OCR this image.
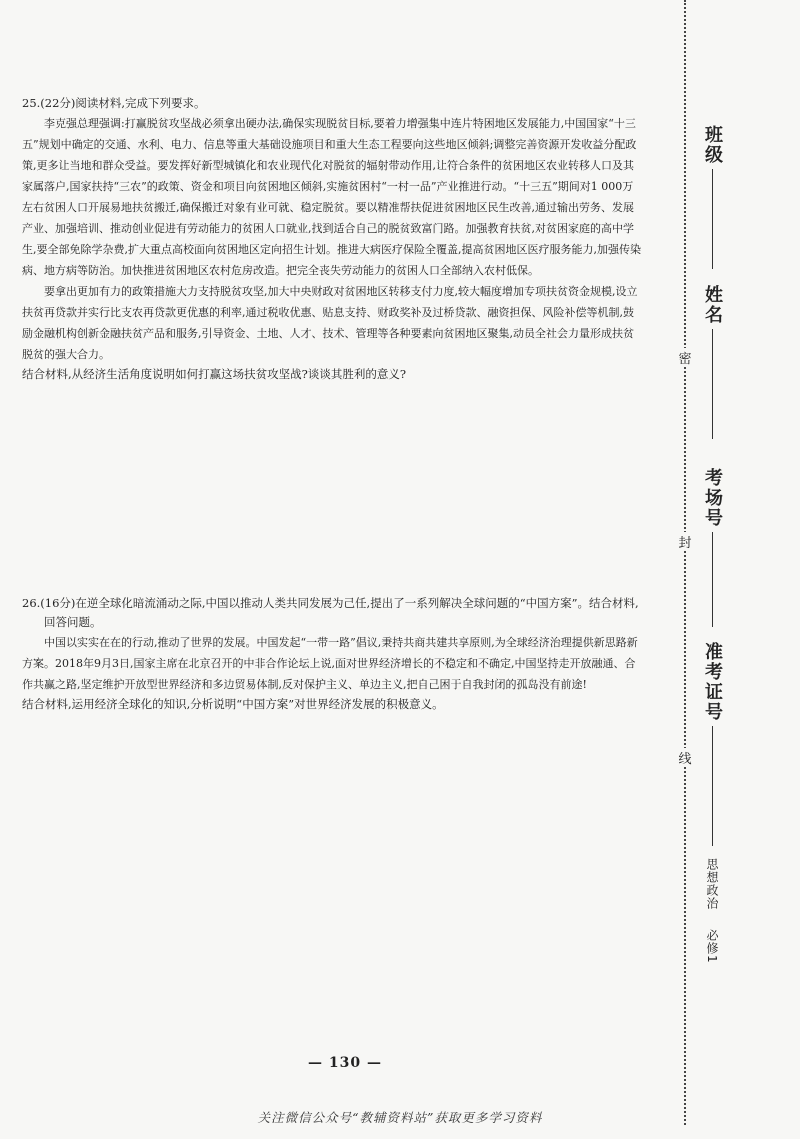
25.(22分)阅读材料,完成下列要求。

李克强总理强调:打赢脱贫攻坚战必须拿出硬办法,确保实现脱贫目标,要着力增强集中连片特困地区发展能力,中国国家“十三五”规划中确定的交通、水利、电力、信息等重大基础设施项目和重大生态工程要向这些地区倾斜;调整完善资源开发收益分配政策,更多让当地和群众受益。要发挥好新型城镇化和农业现代化对脱贫的辐射带动作用,让符合条件的贫困地区农业转移人口及其家属落户,国家扶持“三农”的政策、资金和项目向贫困地区倾斜,实施贫困村“一村一品”产业推进行动。“十三五”期间对1 000万左右贫困人口开展易地扶贫搬迁,确保搬迁对象有业可就、稳定脱贫。要以精准帮扶促进贫困地区民生改善,通过输出劳务、发展产业、加强培训、推动创业促进有劳动能力的贫困人口就业,找到适合自己的脱贫致富门路。加强教育扶贫,对贫困家庭的高中学生,要全部免除学杂费,扩大重点高校面向贫困地区定向招生计划。推进大病医疗保险全覆盖,提高贫困地区医疗服务能力,加强传染病、地方病等防治。加快推进贫困地区农村危房改造。把完全丧失劳动能力的贫困人口全部纳入农村低保。

要拿出更加有力的政策措施大力支持脱贫攻坚,加大中央财政对贫困地区转移支付力度,较大幅度增加专项扶贫资金规模,设立扶贫再贷款并实行比支农再贷款更优惠的利率,通过税收优惠、贴息支持、财政奖补及过桥贷款、融资担保、风险补偿等机制,鼓励金融机构创新金融扶贫产品和服务,引导资金、土地、人才、技术、管理等各种要素向贫困地区聚集,动员全社会力量形成扶贫脱贫的强大合力。

结合材料,从经济生活角度说明如何打赢这场扶贫攻坚战?谈谈其胜利的意义?

26.(16分)在逆全球化暗流涌动之际,中国以推动人类共同发展为己任,提出了一系列解决全球问题的“中国方案”。结合材料,回答问题。

中国以实实在在的行动,推动了世界的发展。中国发起“一带一路”倡议,秉持共商共建共享原则,为全球经济治理提供新思路新方案。2018年9月3日,国家主席在北京召开的中非合作论坛上说,面对世界经济增长的不稳定和不确定,中国坚持走开放融通、合作共赢之路,坚定维护开放型世界经济和多边贸易体制,反对保护主义、单边主义,把自己困于自我封闭的孤岛没有前途!

结合材料,运用经济全球化的知识,分析说明“中国方案”对世界经济发展的积极意义。

— 130 —
关注微信公众号“教辅资料站”获取更多学习资料
密
封
线
班级
姓名
考场号
准考证号
思想政治 必修1
